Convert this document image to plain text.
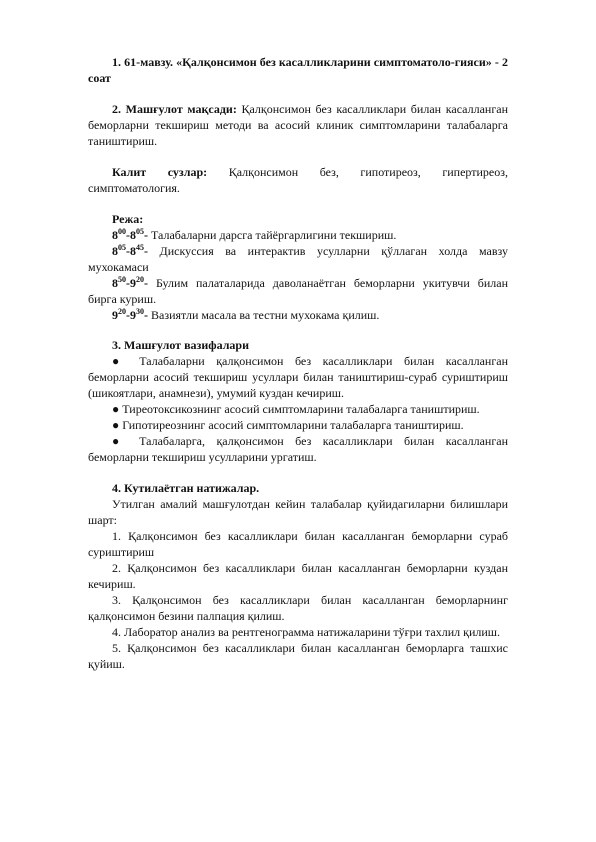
1. 61-мавзу. «Қалқонсимон без касалликларини симптоматоло-гияси» - 2 соат

2. Машғулот мақсади: Қалқонсимон без касалликлари билан касалланган беморларни текшириш методи ва асосий клиник симптомларини талабаларга таништириш.

Калит сузлар: Қалқонсимон без, гипотиреоз, гипертиреоз, симптоматология.

Режа:

$8^{00}-8^{05}-$ Талабаларни дарсга тайёргарлигини текшириш.

$8^{05}-8^{45}-$ Дискуссия ва интерактив усулларни қўллаган холда мавзу мухокамаси

$8^{50}-9^{20}-$ Булим палаталарида даволанаётган беморларни укитувчи билан бирга куриш.

$9^{20}-9^{30}-$ Вазиятли масала ва тестни мухокама қилиш.

3. Машғулот вазифалари

● Талабаларни қалқонсимон без касалликлари билан касалланган беморларни асосий текшириш усуллари билан таништириш-сураб суриштириш (шикоятлари, анамнези), умумий куздан кечириш.

● Тиреотоксикознинг асосий симптомларини талабаларга таништириш.

● Гипотиреознинг асосий симптомларини талабаларга таништириш.

● Талабаларга, қалқонсимон без касалликлари билан касалланган беморларни текшириш усулларини ургатиш.

4. Кутилаётган натижалар.

Утилган амалий машғулотдан кейин талабалар қуйидагиларни билишлари шарт:

1. Қалқонсимон без касалликлари билан касалланган беморларни сураб суриштириш

2. Қалқонсимон без касалликлари билан касалланган беморларни куздан кечириш.

3. Қалқонсимон без касалликлари билан касалланган беморларнинг қалқонсимон безини палпация қилиш.

4. Лаборатор анализ ва рентгенограмма натижаларини тўғри тахлил қилиш.

5. Қалқонсимон без касалликлари билан касалланган беморларга ташхис қуйиш.
